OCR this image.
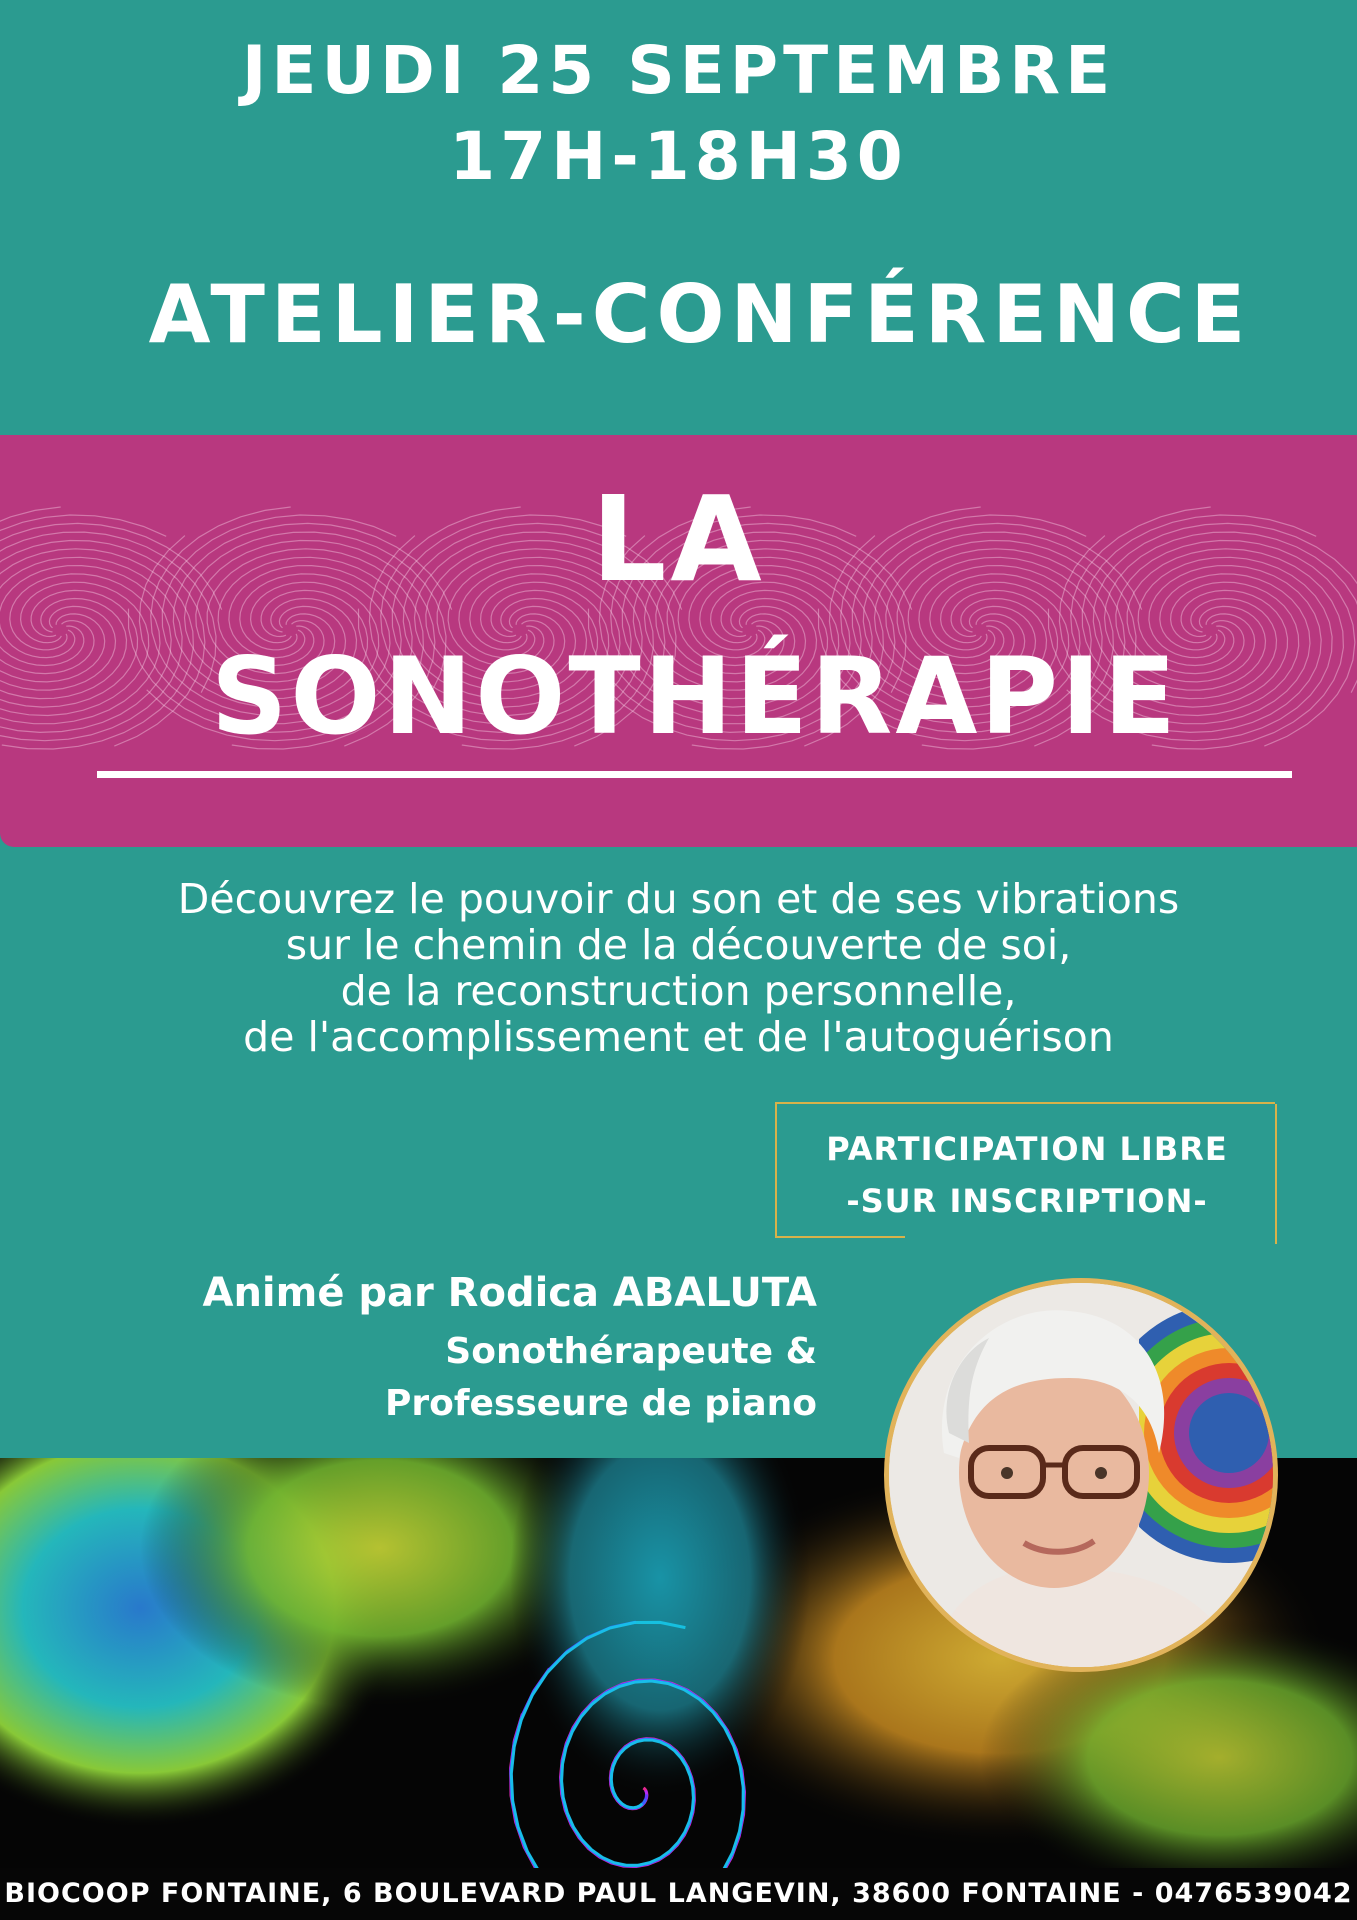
JEUDI 25 SEPTEMBRE
17H-18H30
ATELIER-CONFÉRENCE
LA
SONOTHÉRAPIE
Découvrez le pouvoir du son et de ses vibrations
sur le chemin de la découverte de soi,
de la reconstruction personnelle,
de l'accomplissement et de l'autoguérison
PARTICIPATION LIBRE
-SUR INSCRIPTION-
Animé par Rodica ABALUTA
Sonothérapeute &
Professeure de piano
BIOCOOP FONTAINE, 6 BOULEVARD PAUL LANGEVIN, 38600 FONTAINE - 0476539042
